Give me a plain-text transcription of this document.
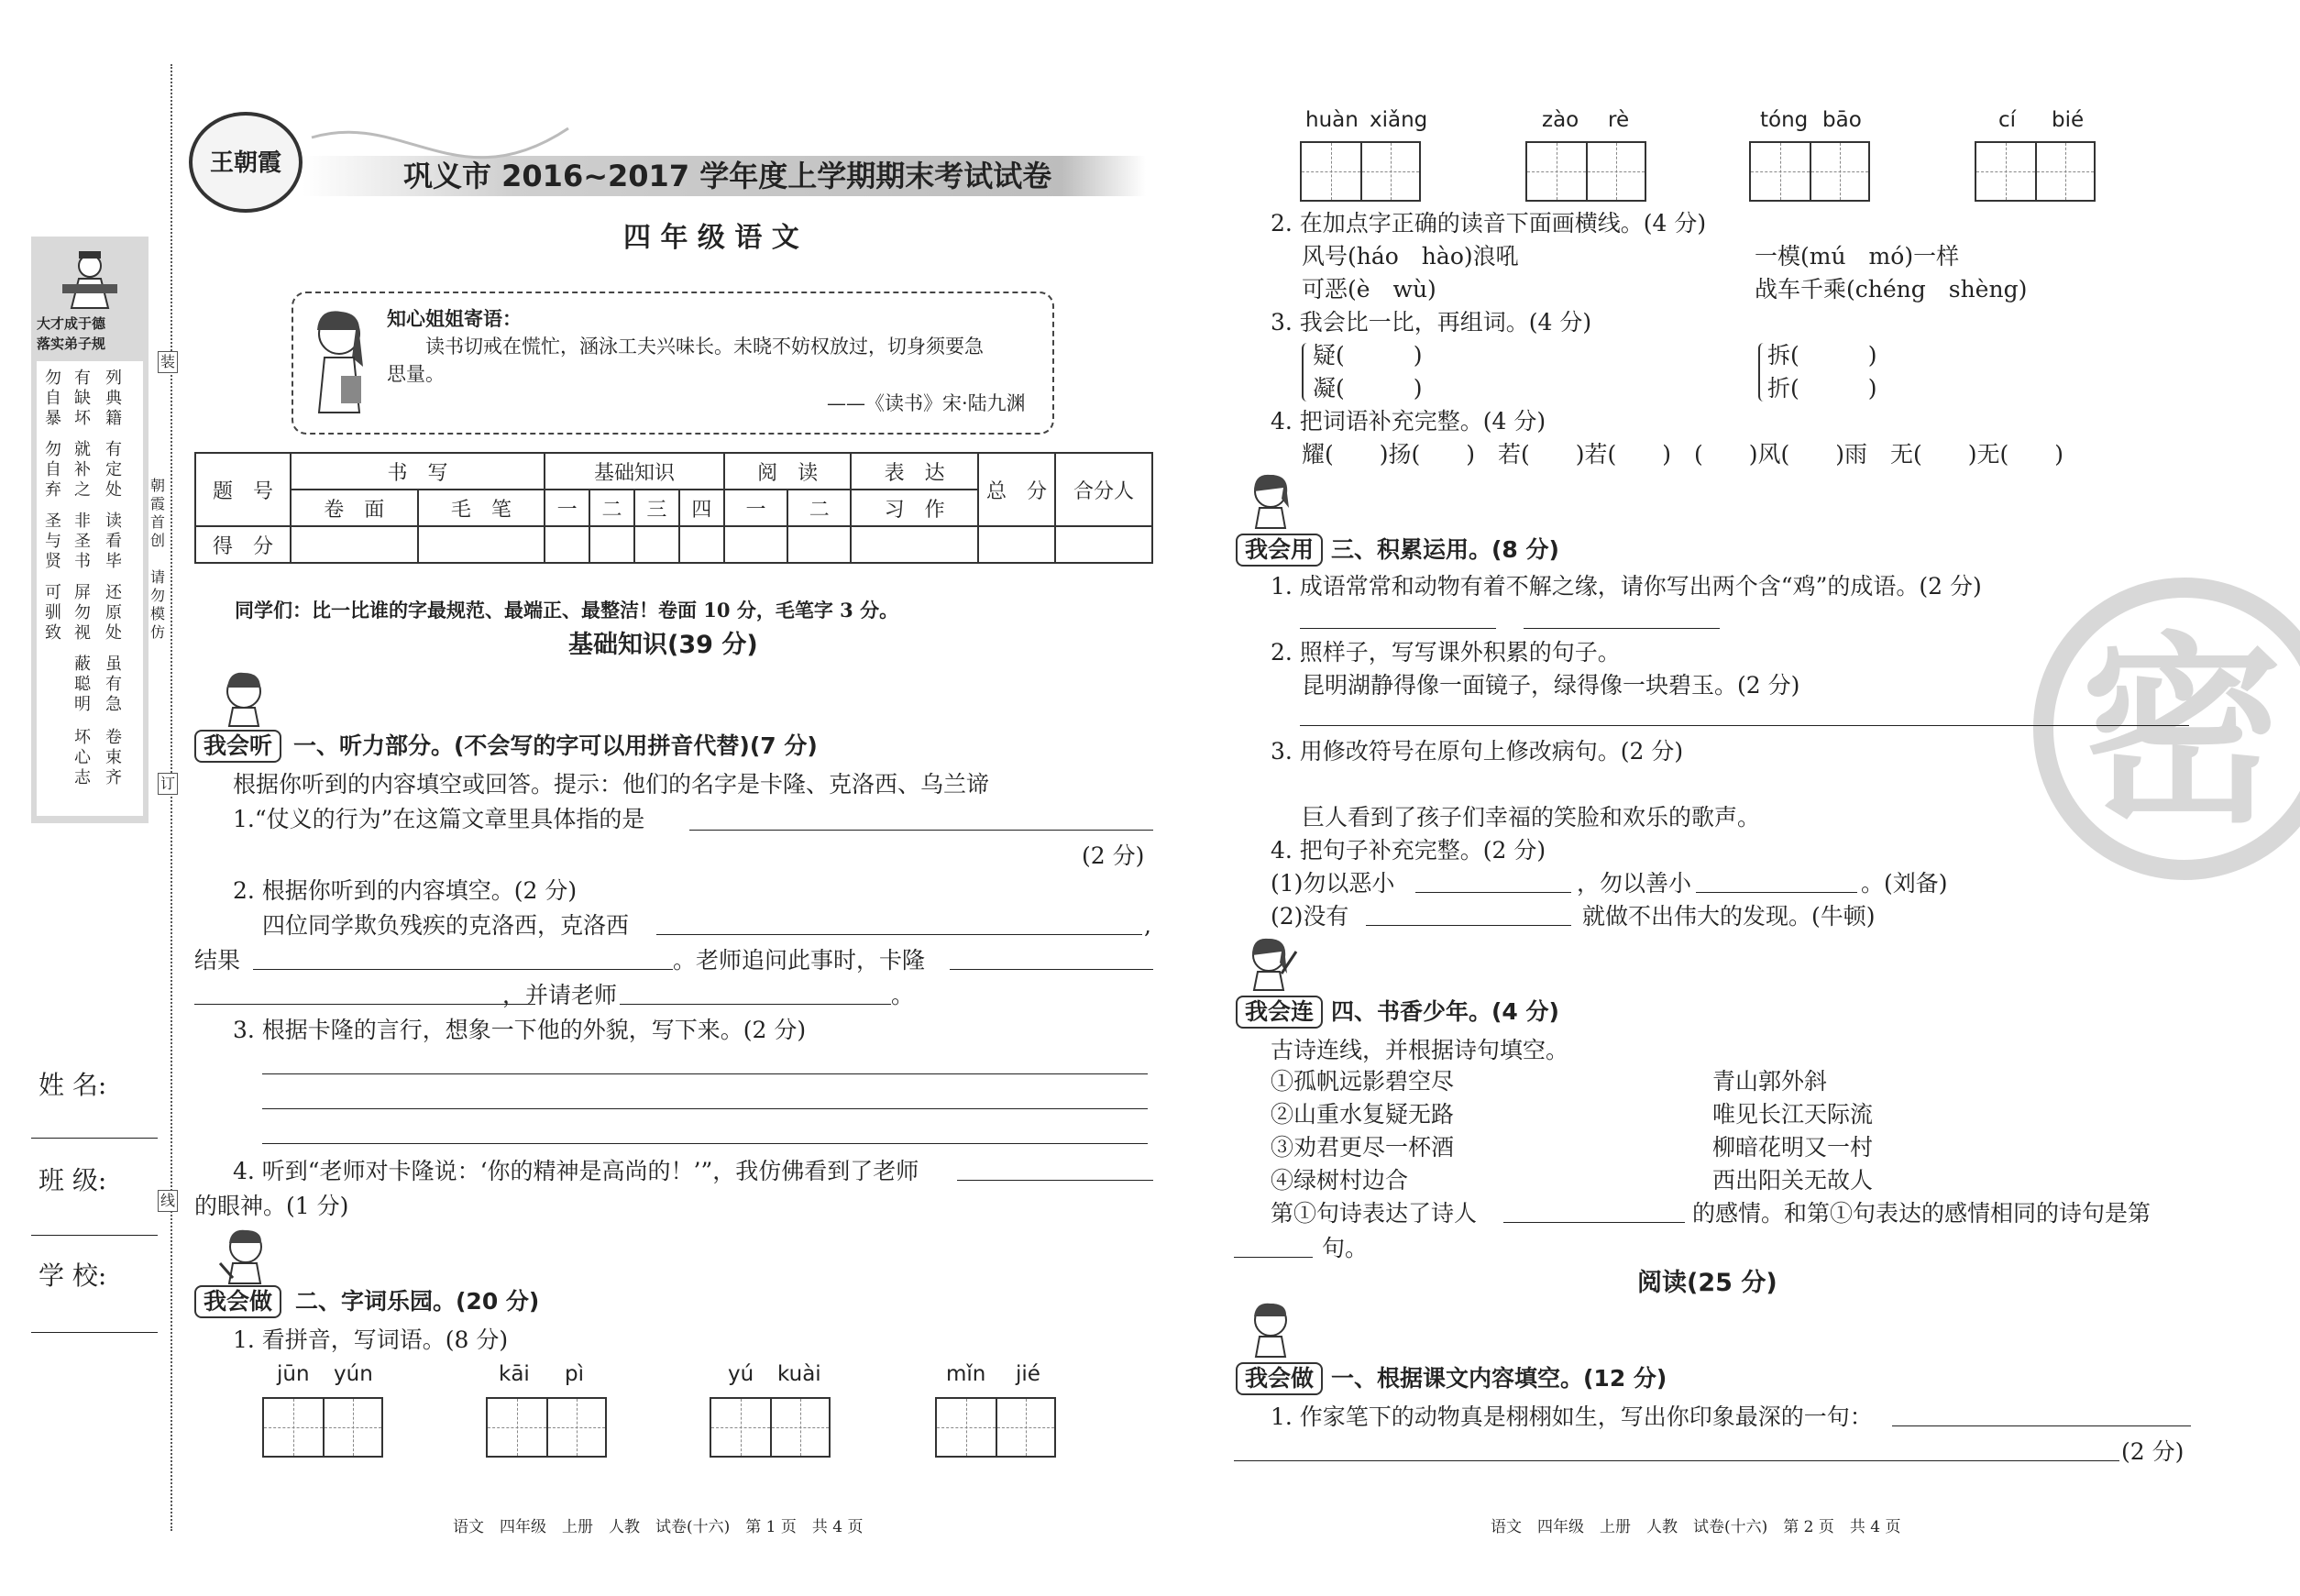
装
订
线
大才成于德
落实弟子规
勿自暴
勿自弃
圣与贤
可驯致
有缺坏
就补之
非圣书
屏勿视
蔽聪明
坏心志
列典籍
有定处
读看毕
还原处
虽有急
卷束齐
朝霞首创
请勿模仿
姓 名:
班 级:
学 校:
王朝霞	巩义市 2016~2017 学年度上学期期末考试试卷
四 年 级 语 文
知心姐姐寄语：
读书切戒在慌忙，涵泳工夫兴味长。未晓不妨权放过，切身须要急
思量。
——《读书》宋·陆九渊
题　号	书　写		基础知识				阅　读		表　达	总　分	合分人
	卷　面	毛　笔	一	二	三	四	一	二	习　作		
得　分											
同学们：比一比谁的字最规范、最端正、最整洁！卷面 10 分，毛笔字 3 分。
基础知识(39 分)
我会听 一、听力部分。(不会写的字可以用拼音代替)(7 分)
根据你听到的内容填空或回答。提示：他们的名字是卡隆、克洛西、乌兰谛
1.“仗义的行为”在这篇文章里具体指的是
(2 分)
2. 根据你听到的内容填空。(2 分)
四位同学欺负残疾的克洛西，克洛西	,
结果	。老师追问此事时，卡隆
，并请老师	。
3. 根据卡隆的言行，想象一下他的外貌，写下来。(2 分)
4. 听到“老师对卡隆说：‘你的精神是高尚的！’”，我仿佛看到了老师
的眼神。(1 分)
我会做 二、字词乐园。(20 分)
1. 看拼音，写词语。(8 分)
jūn yún	kāi pì	yú kuài	mǐn jié
语文　四年级　上册　人教　试卷(十六)　第 1 页　共 4 页
密
huàn xiǎng	zào rè	tóng bāo	cí bié
2. 在加点字正确的读音下面画横线。(4 分)
风号(háo　hào)浪吼	一模(mú　mó)一样
可恶(è　wù)	战车千乘(chéng　shèng)
3. 我会比一比，再组词。(4 分)
疑(　　　)
凝(　　　)
拆(　　　)
折(　　　)
4. 把词语补充完整。(4 分)
耀(　　)扬(　　)　若(　　)若(　　)　(　　)风(　　)雨　无(　　)无(　　)
我会用 三、积累运用。(8 分)
1. 成语常常和动物有着不解之缘，请你写出两个含“鸡”的成语。(2 分)
2. 照样子，写写课外积累的句子。
昆明湖静得像一面镜子，绿得像一块碧玉。(2 分)
3. 用修改符号在原句上修改病句。(2 分)
巨人看到了孩子们幸福的笑脸和欢乐的歌声。
4. 把句子补充完整。(2 分)
(1)勿以恶小	，勿以善小	。(刘备)
(2)没有	就做不出伟大的发现。(牛顿)
我会连 四、书香少年。(4 分)
古诗连线，并根据诗句填空。
①孤帆远影碧空尽
②山重水复疑无路
③劝君更尽一杯酒
④绿树村边合
青山郭外斜
唯见长江天际流
柳暗花明又一村
西出阳关无故人
第①句诗表达了诗人	的感情。和第①句表达的感情相同的诗句是第
句。
阅读(25 分)
我会做 一、根据课文内容填空。(12 分)
1. 作家笔下的动物真是栩栩如生，写出你印象最深的一句：
(2 分)
语文　四年级　上册　人教　试卷(十六)　第 2 页　共 4 页
